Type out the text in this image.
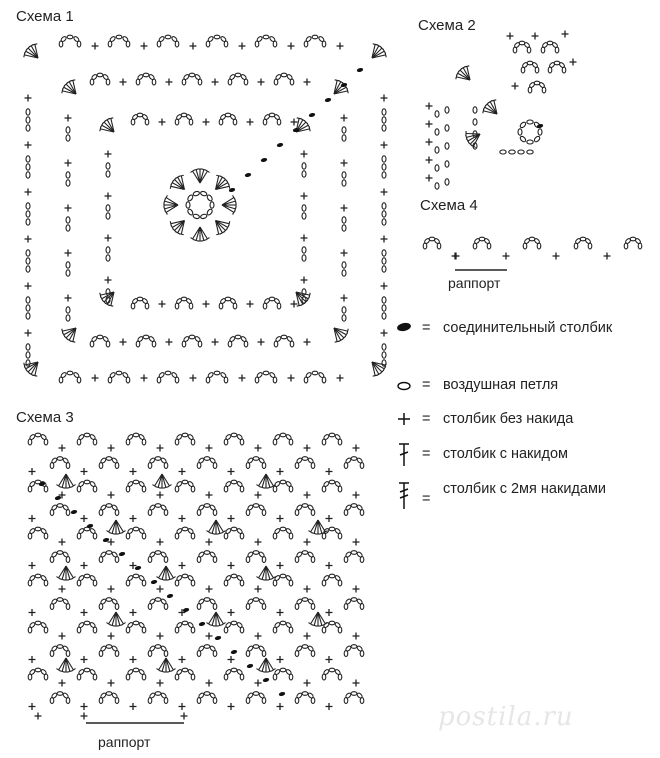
Схема 1
Схема 2
Схема 3
Схема 4
раппорт
раппорт
= соединительный столбик
= воздушная петля
= столбик без накида
= столбик с накидом
=
столбик с 2мя накидами
postila.ru
